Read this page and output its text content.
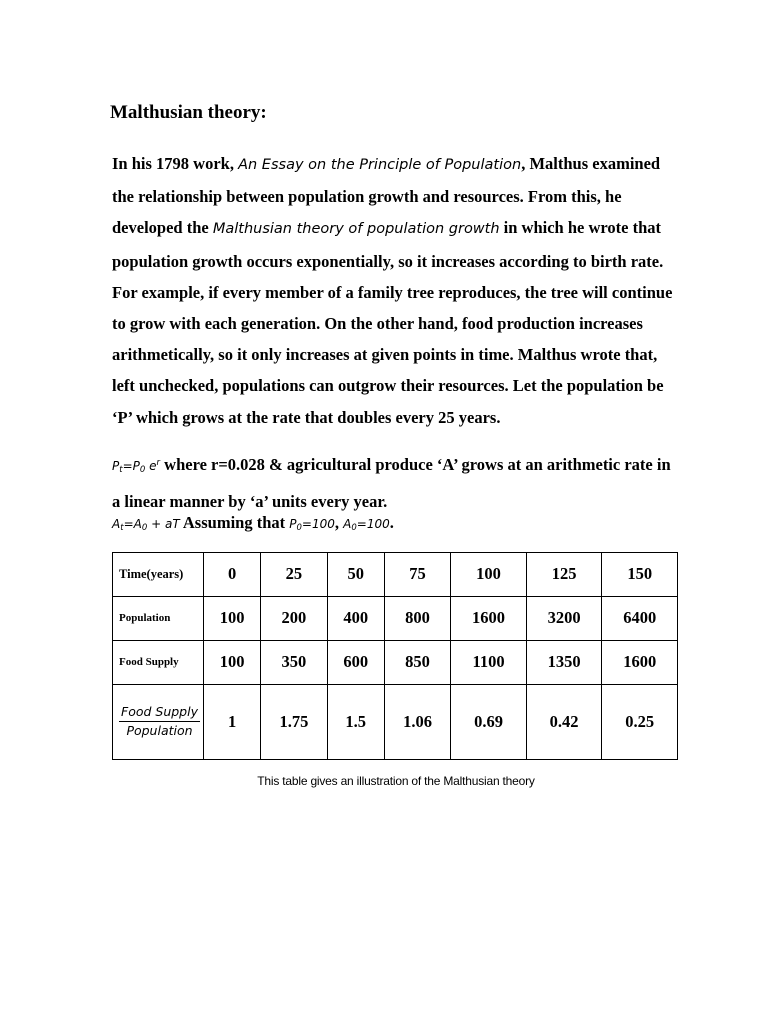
Malthusian theory:

In his 1798 work, An Essay on the Principle of Population, Malthus examined
the relationship between population growth and resources. From this, he
developed the Malthusian theory of population growth in which he wrote that
population growth occurs exponentially, so it increases according to birth rate.
For example, if every member of a family tree reproduces, the tree will continue
to grow with each generation. On the other hand, food production increases
arithmetically, so it only increases at given points in time. Malthus wrote that,
left unchecked, populations can outgrow their resources. Let the population be
‘P’ which grows at the rate that doubles every 25 years.

$P_t=P_0$ $e^r$ where r=0.028 & agricultural produce ‘A’ grows at an arithmetic rate in
a linear manner by ‘a’ units every year.

$A_t=A_0$ + aT Assuming that $P_0=100$, $A_0=100$.

Time(years)	0	25	50	75	100	125	150
Population	100	200	400	800	1600	3200	6400
Food Supply	100	350	600	850	1100	1350	1600

$\frac{\text{Food Supply}}{\text{Population}}$	1	1.75	1.5	1.06	0.69	0.42	0.25

This table gives an illustration of the Malthusian theory
